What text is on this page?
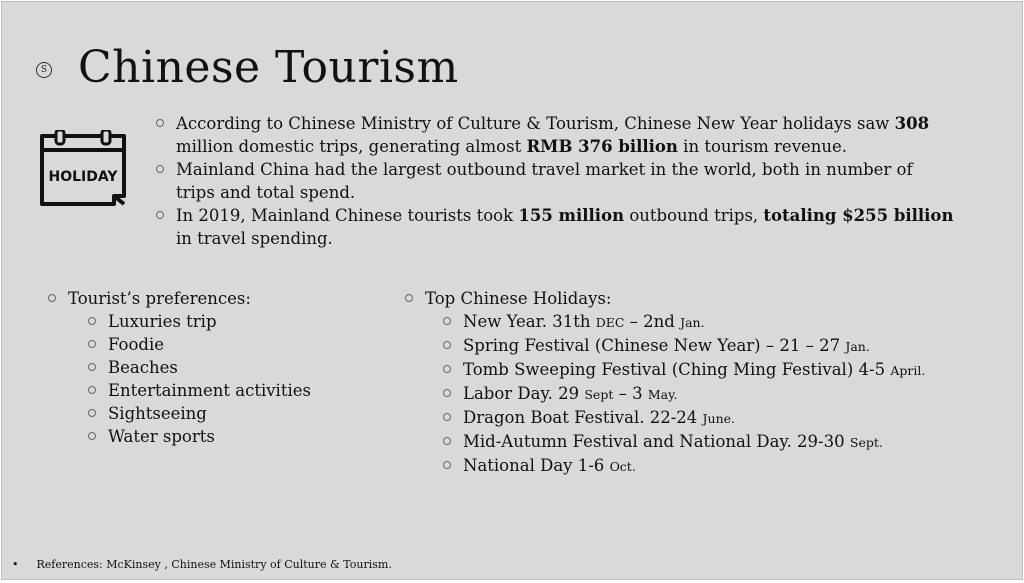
S Chinese Tourism
HOLIDAY
According to Chinese Ministry of Culture & Tourism, Chinese New Year holidays saw 308 million domestic trips, generating almost RMB 376 billion in tourism revenue.
Mainland China had the largest outbound travel market in the world, both in number of trips and total spend.
In 2019, Mainland Chinese tourists took 155 million outbound trips, totaling $255 billion in travel spending.
Tourist’s preferences:
Luxuries trip
Foodie
Beaches
Entertainment activities
Sightseeing
Water sports
Top Chinese Holidays:
New Year. 31th DEC – 2nd Jan.
Spring Festival (Chinese New Year) – 21 – 27 Jan.
Tomb Sweeping Festival (Ching Ming Festival) 4-5 April.
Labor Day. 29 Sept – 3 May.
Dragon Boat Festival. 22-24 June.
Mid-Autumn Festival and National Day. 29-30 Sept.
National Day 1-6 Oct.
• References: McKinsey , Chinese Ministry of Culture & Tourism.
